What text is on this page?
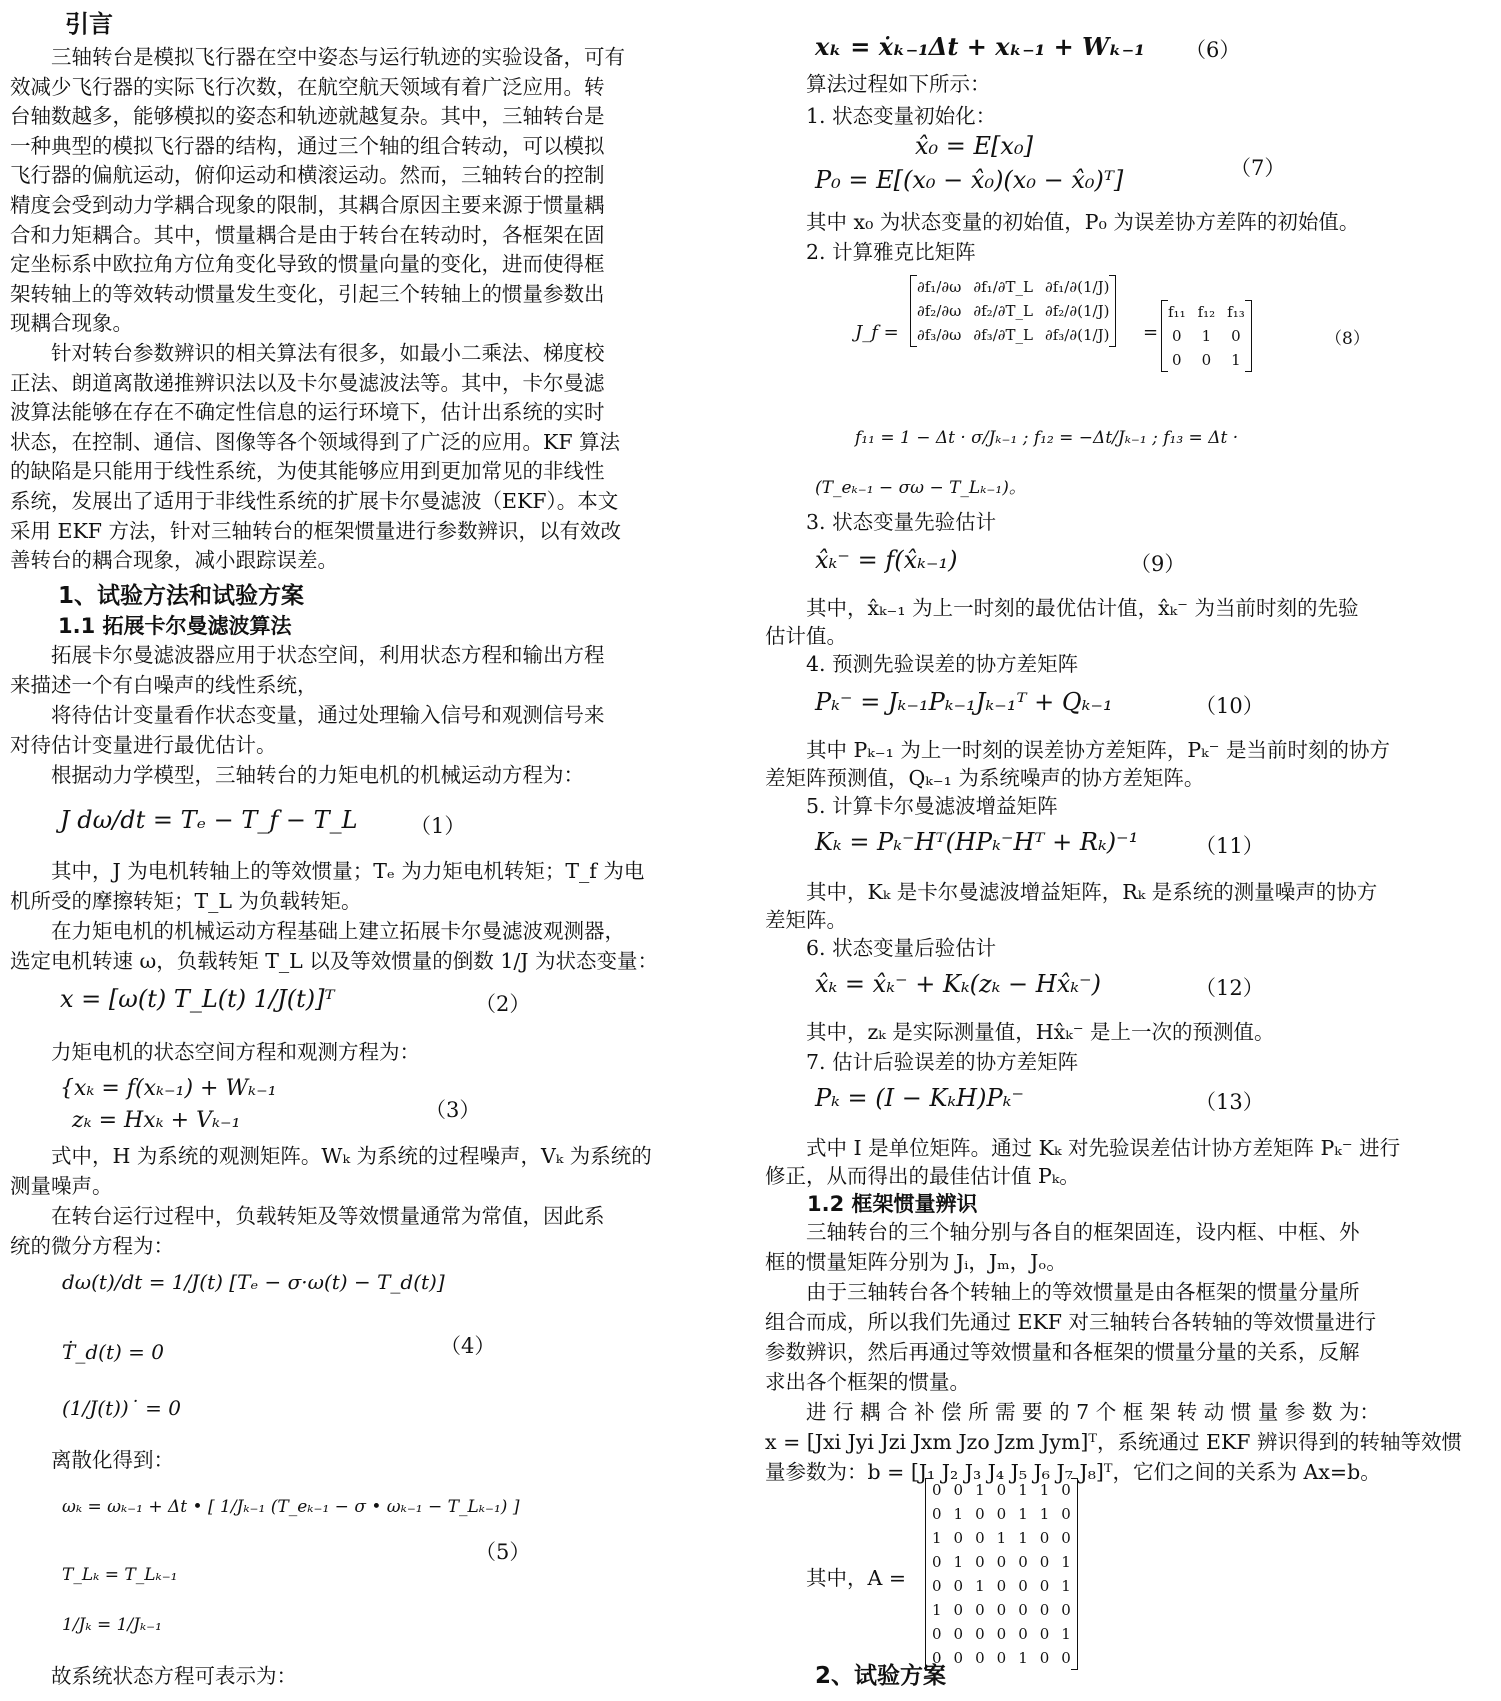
引言
　　三轴转台是模拟飞行器在空中姿态与运行轨迹的实验设备，可有
效减少飞行器的实际飞行次数，在航空航天领域有着广泛应用。转
台轴数越多，能够模拟的姿态和轨迹就越复杂。其中，三轴转台是
一种典型的模拟飞行器的结构，通过三个轴的组合转动，可以模拟
飞行器的偏航运动，俯仰运动和横滚运动。然而，三轴转台的控制
精度会受到动力学耦合现象的限制，其耦合原因主要来源于惯量耦
合和力矩耦合。其中，惯量耦合是由于转台在转动时，各框架在固
定坐标系中欧拉角方位角变化导致的惯量向量的变化，进而使得框
架转轴上的等效转动惯量发生变化，引起三个转轴上的惯量参数出
现耦合现象。
　　针对转台参数辨识的相关算法有很多，如最小二乘法、梯度校
正法、朗道离散递推辨识法以及卡尔曼滤波法等。其中，卡尔曼滤
波算法能够在存在不确定性信息的运行环境下，估计出系统的实时
状态，在控制、通信、图像等各个领域得到了广泛的应用。KF 算法
的缺陷是只能用于线性系统，为使其能够应用到更加常见的非线性
系统，发展出了适用于非线性系统的扩展卡尔曼滤波（EKF）。本文
采用 EKF 方法，针对三轴转台的框架惯量进行参数辨识，以有效改
善转台的耦合现象，减小跟踪误差。
1、试验方法和试验方案
1.1 拓展卡尔曼滤波算法
　　拓展卡尔曼滤波器应用于状态空间，利用状态方程和输出方程
来描述一个有白噪声的线性系统，
　　将待估计变量看作状态变量，通过处理输入信号和观测信号来
对待估计变量进行最优估计。
　　根据动力学模型，三轴转台的力矩电机的机械运动方程为：
J dω/dt = Tₑ − T_f − T_L （1）
　　其中，J 为电机转轴上的等效惯量；Tₑ 为力矩电机转矩；T_f 为电
机所受的摩擦转矩；T_L 为负载转矩。
　　在力矩电机的机械运动方程基础上建立拓展卡尔曼滤波观测器，
选定电机转速 ω，负载转矩 T_L 以及等效惯量的倒数 1/J 为状态变量：
x = [ω(t) T_L(t) 1/J(t)]ᵀ	（2）
　　力矩电机的状态空间方程和观测方程为：
{xₖ = f(xₖ₋₁) + Wₖ₋₁
zₖ = Hxₖ + Vₖ₋₁	（3）
　　式中，H 为系统的观测矩阵。Wₖ 为系统的过程噪声，Vₖ 为系统的
测量噪声。
　　在转台运行过程中，负载转矩及等效惯量通常为常值，因此系
统的微分方程为：
dω(t)/dt = 1/J(t) [Tₑ − σ·ω(t) − T_d(t)]
Ṫ_d(t) = 0
(1/J(t))˙ = 0
（4）
　　离散化得到：
ωₖ = ωₖ₋₁ + Δt • [ 1/Jₖ₋₁ (T_eₖ₋₁ − σ • ωₖ₋₁ − T_Lₖ₋₁) ]
T_Lₖ = T_Lₖ₋₁
1/Jₖ = 1/Jₖ₋₁
（5）
　　故系统状态方程可表示为：
xₖ = ẋₖ₋₁Δt + xₖ₋₁ + Wₖ₋₁ （6）
　　算法过程如下所示：
　　1. 状态变量初始化：
x̂₀ = E[x₀]
P₀ = E[(x₀ − x̂₀)(x₀ − x̂₀)ᵀ]	（7）
　　其中 x₀ 为状态变量的初始值，P₀ 为误差协方差阵的初始值。
　　2. 计算雅克比矩阵
J_f =
∂f₁/∂ω	∂f₁/∂T_L	∂f₁/∂(1/J)
∂f₂/∂ω	∂f₂/∂T_L	∂f₂/∂(1/J)
∂f₃/∂ω	∂f₃/∂T_L	∂f₃/∂(1/J) =
f₁₁	f₁₂	f₁₃
0	1	0
0	0	1
（8）
f₁₁ = 1 − Δt · σ/Jₖ₋₁ ; f₁₂ = −Δt/Jₖ₋₁ ; f₁₃ = Δt ·
(T_eₖ₋₁ − σω − T_Lₖ₋₁)。
　　3. 状态变量先验估计
x̂ₖ⁻ = f(x̂ₖ₋₁)	（9）
　　其中，x̂ₖ₋₁ 为上一时刻的最优估计值，x̂ₖ⁻ 为当前时刻的先验
估计值。
　　4. 预测先验误差的协方差矩阵
Pₖ⁻ = Jₖ₋₁Pₖ₋₁Jₖ₋₁ᵀ + Qₖ₋₁	（10）
　　其中 Pₖ₋₁ 为上一时刻的误差协方差矩阵，Pₖ⁻ 是当前时刻的协方
差矩阵预测值，Qₖ₋₁ 为系统噪声的协方差矩阵。
　　5. 计算卡尔曼滤波增益矩阵
Kₖ = Pₖ⁻Hᵀ(HPₖ⁻Hᵀ + Rₖ)⁻¹	（11）
　　其中，Kₖ 是卡尔曼滤波增益矩阵，Rₖ 是系统的测量噪声的协方
差矩阵。
　　6. 状态变量后验估计
x̂ₖ = x̂ₖ⁻ + Kₖ(zₖ − Hx̂ₖ⁻)	（12）
　　其中，zₖ 是实际测量值，Hx̂ₖ⁻ 是上一次的预测值。
　　7. 估计后验误差的协方差矩阵
Pₖ = (I − KₖH)Pₖ⁻	（13）
　　式中 I 是单位矩阵。通过 Kₖ 对先验误差估计协方差矩阵 Pₖ⁻ 进行
修正，从而得出的最佳估计值 Pₖ。
　　1.2 框架惯量辨识
　　三轴转台的三个轴分别与各自的框架固连，设内框、中框、外
框的惯量矩阵分别为 Jᵢ，Jₘ，Jₒ。
　　由于三轴转台各个转轴上的等效惯量是由各框架的惯量分量所
组合而成，所以我们先通过 EKF 对三轴转台各转轴的等效惯量进行
参数辨识，然后再通过等效惯量和各框架的惯量分量的关系，反解
求出各个框架的惯量。
　　进 行 耦 合 补 偿 所 需 要 的 7 个 框 架 转 动 惯 量 参 数 为：
x = [Jxi Jyi Jzi Jxm Jzo Jzm Jym]ᵀ，系统通过 EKF 辨识得到的转轴等效惯
量参数为：b = [J₁ J₂ J₃ J₄ J₅ J₆ J₇ J₈]ᵀ，它们之间的关系为 Ax=b。
　　其中，A =
0	0	1	0	1	1	0
0	1	0	0	1	1	0
1	0	0	1	1	0	0
0	1	0	0	0	0	1
0	0	1	0	0	0	1
1	0	0	0	0	0	0
0	0	0	0	0	0	1
0	0	0	0	1	0	0
2、试验方案
